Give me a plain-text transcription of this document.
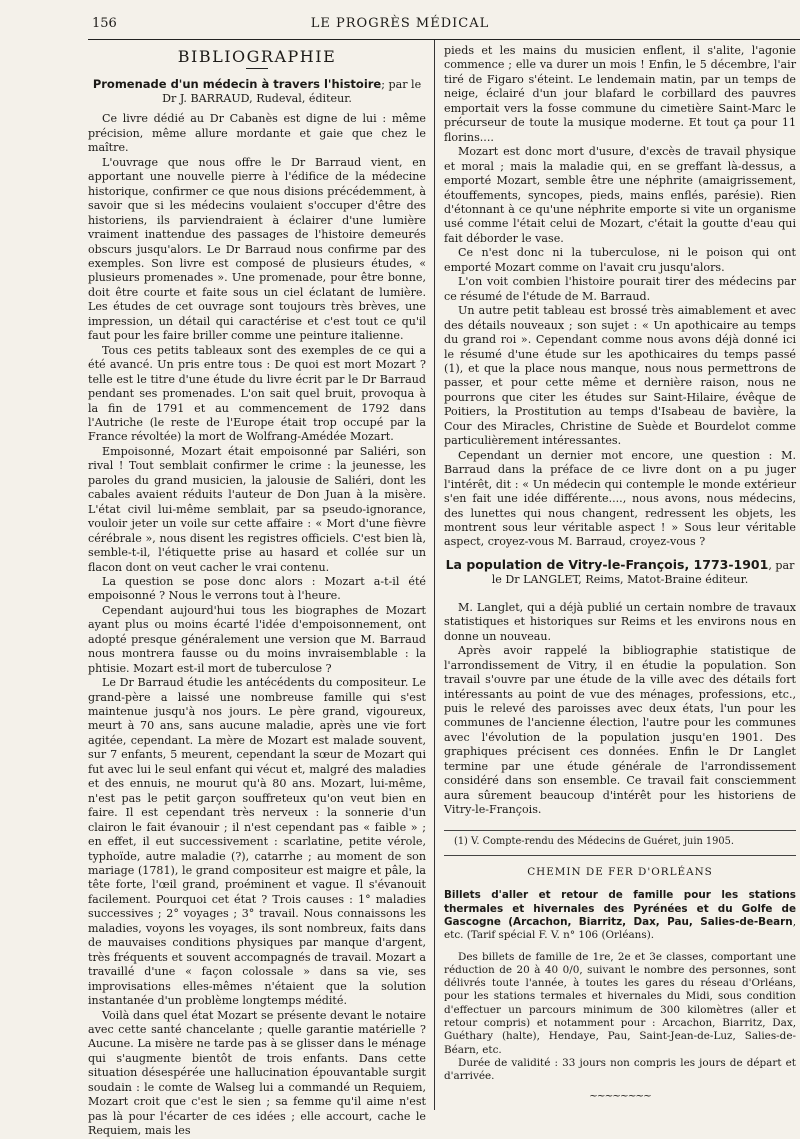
156	LE PROGRÈS MÉDICAL

BIBLIOGRAPHIE

Promenade d'un médecin à travers l'histoire; par le Dr J. BARRAUD, Rudeval, éditeur.

Ce livre dédié au Dr Cabanès est digne de lui : même précision, même allure mordante et gaie que chez le maître.

L'ouvrage que nous offre le Dr Barraud vient, en apportant une nouvelle pierre à l'édifice de la médecine historique, confirmer ce que nous disions précédemment, à savoir que si les médecins voulaient s'occuper d'être des historiens, ils parviendraient à éclairer d'une lumière vraiment inattendue des passages de l'histoire demeurés obscurs jusqu'alors. Le Dr Barraud nous confirme par des exemples. Son livre est composé de plusieurs études, « plusieurs promenades ». Une promenade, pour être bonne, doit être courte et faite sous un ciel éclatant de lumière. Les études de cet ouvrage sont toujours très brèves, une impression, un détail qui caractérise et c'est tout ce qu'il faut pour les faire briller comme une peinture italienne.

Tous ces petits tableaux sont des exemples de ce qui a été avancé. Un pris entre tous : De quoi est mort Mozart ? telle est le titre d'une étude du livre écrit par le Dr Barraud pendant ses promenades. L'on sait quel bruit, provoqua à la fin de 1791 et au commencement de 1792 dans l'Autriche (le reste de l'Europe était trop occupé par la France révoltée) la mort de Wolfrang-Amédée Mozart.

Empoisonné, Mozart était empoisonné par Saliéri, son rival ! Tout semblait confirmer le crime : la jeunesse, les paroles du grand musicien, la jalousie de Saliéri, dont les cabales avaient réduits l'auteur de Don Juan à la misère. L'état civil lui-même semblait, par sa pseudo-ignorance, vouloir jeter un voile sur cette affaire : « Mort d'une fièvre cérébrale », nous disent les registres officiels. C'est bien là, semble-t-il, l'étiquette prise au hasard et collée sur un flacon dont on veut cacher le vrai contenu.

La question se pose donc alors : Mozart a-t-il été empoisonné ? Nous le verrons tout à l'heure.

Cependant aujourd'hui tous les biographes de Mozart ayant plus ou moins écarté l'idée d'empoisonnement, ont adopté presque généralement une version que M. Barraud nous montrera fausse ou du moins invraisemblable : la phtisie. Mozart est-il mort de tuberculose ?

Le Dr Barraud étudie les antécédents du compositeur. Le grand-père a laissé une nombreuse famille qui s'est maintenue jusqu'à nos jours. Le père grand, vigoureux, meurt à 70 ans, sans aucune maladie, après une vie fort agitée, cependant. La mère de Mozart est malade souvent, sur 7 enfants, 5 meurent, cependant la sœur de Mozart qui fut avec lui le seul enfant qui vécut et, malgré des maladies et des ennuis, ne mourut qu'à 80 ans. Mozart, lui-même, n'est pas le petit garçon souffreteux qu'on veut bien en faire. Il est cependant très nerveux : la sonnerie d'un clairon le fait évanouir ; il n'est cependant pas « faible » ; en effet, il eut successivement : scarlatine, petite vérole, typhoïde, autre maladie (?), catarrhe ; au moment de son mariage (1781), le grand compositeur est maigre et pâle, la tête forte, l'œil grand, proéminent et vague. Il s'évanouit facilement. Pourquoi cet état ? Trois causes : 1° maladies successives ; 2° voyages ; 3° travail. Nous connaissons les maladies, voyons les voyages, ils sont nombreux, faits dans de mauvaises conditions physiques par manque d'argent, très fréquents et souvent accompagnés de travail. Mozart a travaillé d'une « façon colossale » dans sa vie, ses improvisations elles-mêmes n'étaient que la solution instantanée d'un problème longtemps médité.

Voilà dans quel état Mozart se présente devant le notaire avec cette santé chancelante ; quelle garantie matérielle ? Aucune. La misère ne tarde pas à se glisser dans le ménage qui s'augmente bientôt de trois enfants. Dans cette situation désespérée une hallucination épouvantable surgit soudain : le comte de Walseg lui a commandé un Requiem, Mozart croit que c'est le sien ; sa femme qu'il aime n'est pas là pour l'écarter de ces idées ; elle accourt, cache le Requiem, mais les

pieds et les mains du musicien enflent, il s'alite, l'agonie commence ; elle va durer un mois ! Enfin, le 5 décembre, l'air tiré de Figaro s'éteint. Le lendemain matin, par un temps de neige, éclairé d'un jour blafard le corbillard des pauvres emportait vers la fosse commune du cimetière Saint-Marc le précurseur de toute la musique moderne. Et tout ça pour 11 florins....

Mozart est donc mort d'usure, d'excès de travail physique et moral ; mais la maladie qui, en se greffant là-dessus, a emporté Mozart, semble être une néphrite (amaigrissement, étouffements, syncopes, pieds, mains enflés, parésie). Rien d'étonnant à ce qu'une néphrite emporte si vite un organisme usé comme l'était celui de Mozart, c'était la goutte d'eau qui fait déborder le vase.

Ce n'est donc ni la tuberculose, ni le poison qui ont emporté Mozart comme on l'avait cru jusqu'alors.

L'on voit combien l'histoire pourait tirer des médecins par ce résumé de l'étude de M. Barraud.

Un autre petit tableau est brossé très aimablement et avec des détails nouveaux ; son sujet : « Un apothicaire au temps du grand roi ». Cependant comme nous avons déjà donné ici le résumé d'une étude sur les apothicaires du temps passé (1), et que la place nous manque, nous nous permettrons de passer, et pour cette même et dernière raison, nous ne pourrons que citer les études sur Saint-Hilaire, évêque de Poitiers, la Prostitution au temps d'Isabeau de bavière, la Cour des Miracles, Christine de Suède et Bourdelot comme particulièrement intéressantes.

Cependant un dernier mot encore, une question : M. Barraud dans la préface de ce livre dont on a pu juger l'intérêt, dit : « Un médecin qui contemple le monde extérieur s'en fait une idée différente...., nous avons, nous médecins, des lunettes qui nous changent, redressent les objets, les montrent sous leur véritable aspect ! » Sous leur véritable aspect, croyez-vous M. Barraud, croyez-vous ?

La population de Vitry-le-François, 1773-1901, par le Dr LANGLET, Reims, Matot-Braine éditeur.

M. Langlet, qui a déjà publié un certain nombre de travaux statistiques et historiques sur Reims et les environs nous en donne un nouveau.

Après avoir rappelé la bibliographie statistique de l'arrondissement de Vitry, il en étudie la population. Son travail s'ouvre par une étude de la ville avec des détails fort intéressants au point de vue des ménages, professions, etc., puis le relevé des paroisses avec deux états, l'un pour les communes de l'ancienne élection, l'autre pour les communes avec l'évolution de la population jusqu'en 1901. Des graphiques précisent ces données. Enfin le Dr Langlet termine par une étude générale de l'arrondissement considéré dans son ensemble. Ce travail fait consciemment aura sûrement beaucoup d'intérêt pour les historiens de Vitry-le-François.

(1) V. Compte-rendu des Médecins de Guéret, juin 1905.

CHEMIN DE FER D'ORLÉANS

Billets d'aller et retour de famille pour les stations thermales et hivernales des Pyrénées et du Golfe de Gascogne (Arcachon, Biarritz, Dax, Pau, Salies-de-Bearn, etc. (Tarif spécial F. V. n° 106 (Orléans).

Des billets de famille de 1re, 2e et 3e classes, comportant une réduction de 20 à 40 0/0, suivant le nombre des personnes, sont délivrés toute l'année, à toutes les gares du réseau d'Orléans, pour les stations termales et hivernales du Midi, sous condition d'effectuer un parcours minimum de 300 kilomètres (aller et retour compris) et notamment pour : Arcachon, Biarritz, Dax, Guéthary (halte), Hendaye, Pau, Saint-Jean-de-Luz, Salies-de-Béarn, etc.

Durée de validité : 33 jours non compris les jours de départ et d'arrivée.

~~~~~~~~
